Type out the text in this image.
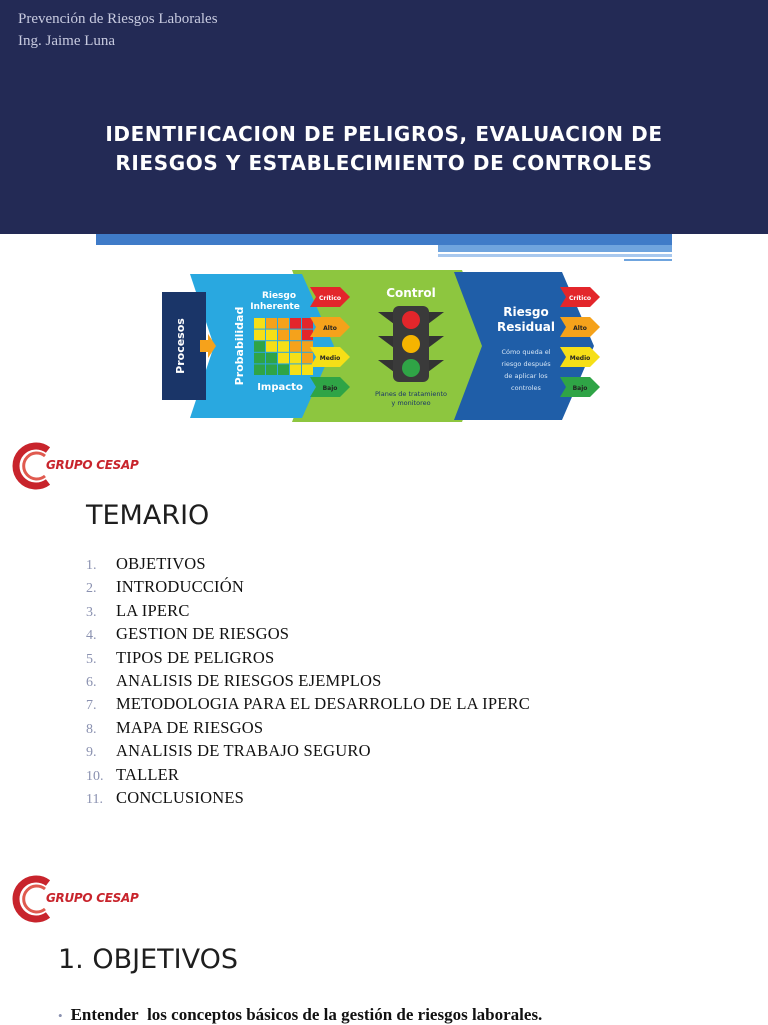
Prevención de Riesgos Laborales
Ing. Jaime Luna
IDENTIFICACION DE PELIGROS, EVALUACION DE
RIESGOS Y ESTABLECIMIENTO DE CONTROLES
Procesos	Probabilidad
Riesgo
Inherente
Impacto
Crítico
Alto
Medio
Bajo
Control
Planes de tratamiento
y monitoreo
Riesgo
Residual
Cómo queda el
riesgo después
de aplicar los
controles
Crítico
Alto
Medio
Bajo
GRUPO CESAP
TEMARIO
1. OBJETIVOS
2. INTRODUCCIÓN
3. LA IPERC
4. GESTION DE RIESGOS
5. TIPOS DE PELIGROS
6. ANALISIS DE RIESGOS EJEMPLOS
7. METODOLOGIA PARA EL DESARROLLO DE LA IPERC
8. MAPA DE RIESGOS
9. ANALISIS DE TRABAJO SEGURO
10. TALLER
11. CONCLUSIONES
GRUPO CESAP
1. OBJETIVOS
• Entender los conceptos básicos de la gestión de riesgos laborales.
